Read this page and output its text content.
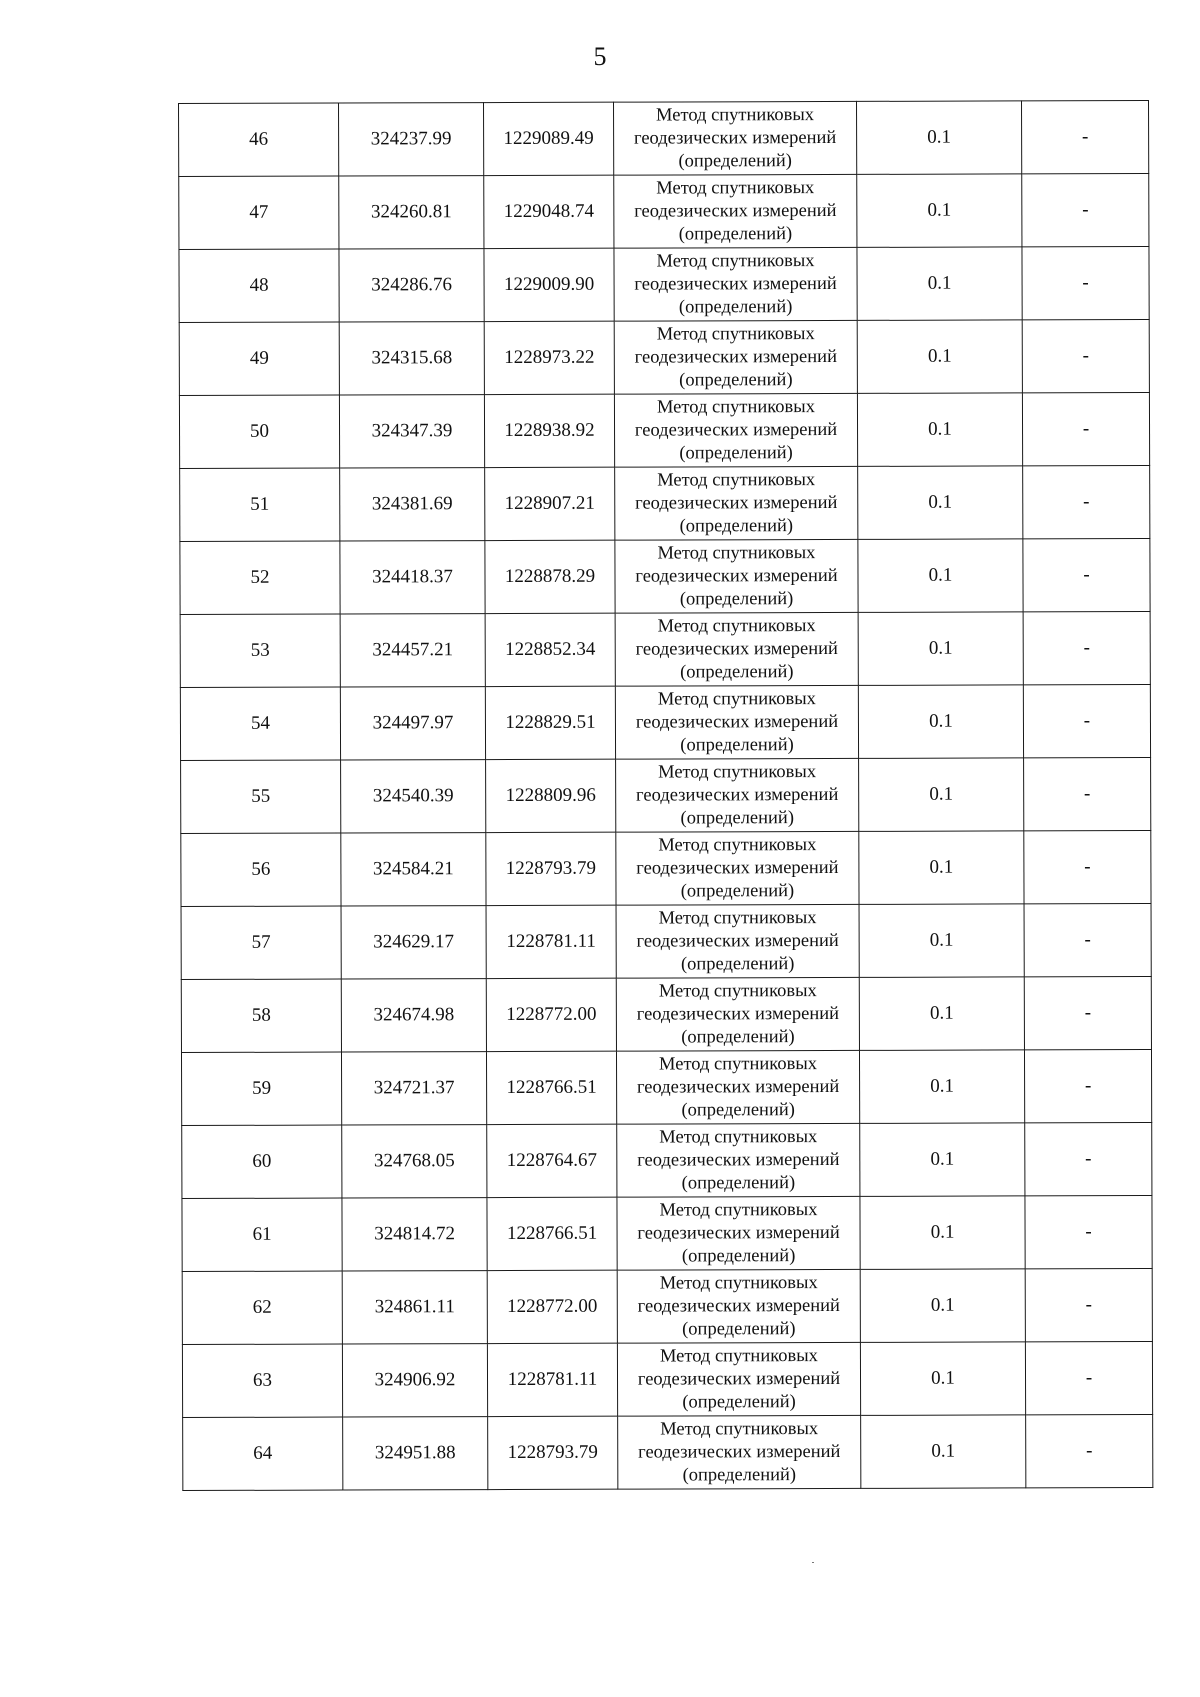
5
46	324237.99	1229089.49	Метод спутниковых
геодезических измерений
(определений)	0.1	-
47	324260.81	1229048.74	Метод спутниковых
геодезических измерений
(определений)	0.1	-
48	324286.76	1229009.90	Метод спутниковых
геодезических измерений
(определений)	0.1	-
49	324315.68	1228973.22	Метод спутниковых
геодезических измерений
(определений)	0.1	-
50	324347.39	1228938.92	Метод спутниковых
геодезических измерений
(определений)	0.1	-
51	324381.69	1228907.21	Метод спутниковых
геодезических измерений
(определений)	0.1	-
52	324418.37	1228878.29	Метод спутниковых
геодезических измерений
(определений)	0.1	-
53	324457.21	1228852.34	Метод спутниковых
геодезических измерений
(определений)	0.1	-
54	324497.97	1228829.51	Метод спутниковых
геодезических измерений
(определений)	0.1	-
55	324540.39	1228809.96	Метод спутниковых
геодезических измерений
(определений)	0.1	-
56	324584.21	1228793.79	Метод спутниковых
геодезических измерений
(определений)	0.1	-
57	324629.17	1228781.11	Метод спутниковых
геодезических измерений
(определений)	0.1	-
58	324674.98	1228772.00	Метод спутниковых
геодезических измерений
(определений)	0.1	-
59	324721.37	1228766.51	Метод спутниковых
геодезических измерений
(определений)	0.1	-
60	324768.05	1228764.67	Метод спутниковых
геодезических измерений
(определений)	0.1	-
61	324814.72	1228766.51	Метод спутниковых
геодезических измерений
(определений)	0.1	-
62	324861.11	1228772.00	Метод спутниковых
геодезических измерений
(определений)	0.1	-
63	324906.92	1228781.11	Метод спутниковых
геодезических измерений
(определений)	0.1	-
64	324951.88	1228793.79	Метод спутниковых
геодезических измерений
(определений)	0.1	-
